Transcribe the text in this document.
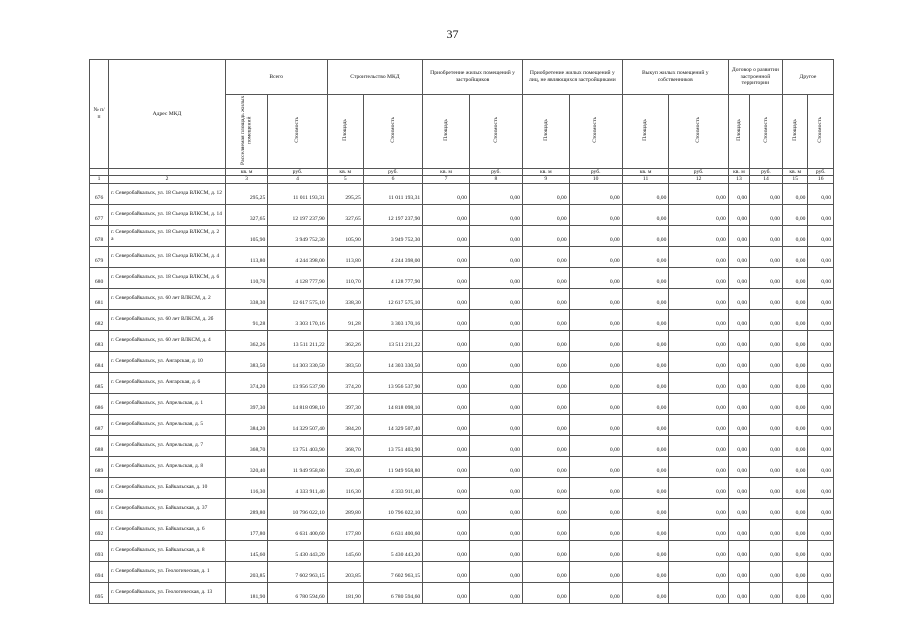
37
№ п/п	Адрес МКД	Всего		Строительство МКД		Приобретение жилых помещений у застройщиков		Приобретение жилых помещений у лиц, не являющихся застройщиками		Выкуп жилых помещений у собственников		Договор о развитии застроенной территории		Другое	
		Расселяемая площадь жилых помещений	Стоимость	Площадь	Стоимость	Площадь	Стоимость	Площадь	Стоимость	Площадь	Стоимость	Площадь	Стоимость	Площадь	Стоимость
		кв. м	руб.	кв. м	руб.	кв. м	руб.	кв. м	руб.	кв. м	руб.	кв. м	руб.	кв. м	руб.
1	2	3	4	5	6	7	8	9	10	11	12	13	14	15	16
676	г. Северобайкальск, ул. 18 Съезда ВЛКСМ, д. 12	295,25	11 011 193,31	295,25	11 011 193,31	0,00	0,00	0,00	0,00	0,00	0,00	0,00	0,00	0,00	0,00
677	г. Северобайкальск, ул. 18 Съезда ВЛКСМ, д. 14	327,65	12 197 237,90	327,65	12 197 237,90	0,00	0,00	0,00	0,00	0,00	0,00	0,00	0,00	0,00	0,00
678	г. Северобайкальск, ул. 18 Съезда ВЛКСМ, д. 2 а	105,90	3 949 752,30	105,90	3 949 752,30	0,00	0,00	0,00	0,00	0,00	0,00	0,00	0,00	0,00	0,00
679	г. Северобайкальск, ул. 18 Съезда ВЛКСМ, д. 4	113,80	4 244 398,00	113,80	4 244 398,00	0,00	0,00	0,00	0,00	0,00	0,00	0,00	0,00	0,00	0,00
680	г. Северобайкальск, ул. 18 Съезда ВЛКСМ, д. 6	110,70	4 128 777,90	110,70	4 128 777,90	0,00	0,00	0,00	0,00	0,00	0,00	0,00	0,00	0,00	0,00
681	г. Северобайкальск, ул. 60 лет ВЛКСМ, д. 2	338,30	12 617 575,10	338,30	12 617 575,10	0,00	0,00	0,00	0,00	0,00	0,00	0,00	0,00	0,00	0,00
682	г. Северобайкальск, ул. 60 лет ВЛКСМ, д. 2б	91,28	3 303 170,16	91,28	3 303 170,16	0,00	0,00	0,00	0,00	0,00	0,00	0,00	0,00	0,00	0,00
683	г. Северобайкальск, ул. 60 лет ВЛКСМ, д. 4	362,26	13 511 211,22	362,26	13 511 211,22	0,00	0,00	0,00	0,00	0,00	0,00	0,00	0,00	0,00	0,00
684	г. Северобайкальск, ул. Ангарская, д. 10	383,50	14 303 330,50	383,50	14 303 330,50	0,00	0,00	0,00	0,00	0,00	0,00	0,00	0,00	0,00	0,00
685	г. Северобайкальск, ул. Ангарская, д. 6	374,20	13 956 537,90	374,20	13 956 537,90	0,00	0,00	0,00	0,00	0,00	0,00	0,00	0,00	0,00	0,00
686	г. Северобайкальск, ул. Апрельская, д. 1	397,30	14 818 098,10	397,30	14 818 098,10	0,00	0,00	0,00	0,00	0,00	0,00	0,00	0,00	0,00	0,00
687	г. Северобайкальск, ул. Апрельская, д. 5	384,20	14 329 507,40	384,20	14 329 507,40	0,00	0,00	0,00	0,00	0,00	0,00	0,00	0,00	0,00	0,00
688	г. Северобайкальск, ул. Апрельская, д. 7	368,70	13 751 403,90	368,70	13 751 403,90	0,00	0,00	0,00	0,00	0,00	0,00	0,00	0,00	0,00	0,00
689	г. Северобайкальск, ул. Апрельская, д. 8	320,40	11 949 958,80	320,40	11 949 958,80	0,00	0,00	0,00	0,00	0,00	0,00	0,00	0,00	0,00	0,00
690	г. Северобайкальск, ул. Байкальская, д. 10	116,30	4 333 911,40	116,30	4 333 911,40	0,00	0,00	0,00	0,00	0,00	0,00	0,00	0,00	0,00	0,00
691	г. Северобайкальск, ул. Байкальская, д. 37	289,80	10 796 022,10	289,80	10 796 022,10	0,00	0,00	0,00	0,00	0,00	0,00	0,00	0,00	0,00	0,00
692	г. Северобайкальск, ул. Байкальская, д. 6	177,80	6 631 400,60	177,80	6 631 400,60	0,00	0,00	0,00	0,00	0,00	0,00	0,00	0,00	0,00	0,00
693	г. Северобайкальск, ул. Байкальская, д. 8	145,60	5 430 443,20	145,60	5 430 443,20	0,00	0,00	0,00	0,00	0,00	0,00	0,00	0,00	0,00	0,00
694	г. Северобайкальск, ул. Геологическая, д. 1	203,85	7 602 963,15	203,85	7 602 963,15	0,00	0,00	0,00	0,00	0,00	0,00	0,00	0,00	0,00	0,00
695	г. Северобайкальск, ул. Геологическая, д. 13	181,90	6 780 594,60	181,90	6 780 594,60	0,00	0,00	0,00	0,00	0,00	0,00	0,00	0,00	0,00	0,00
